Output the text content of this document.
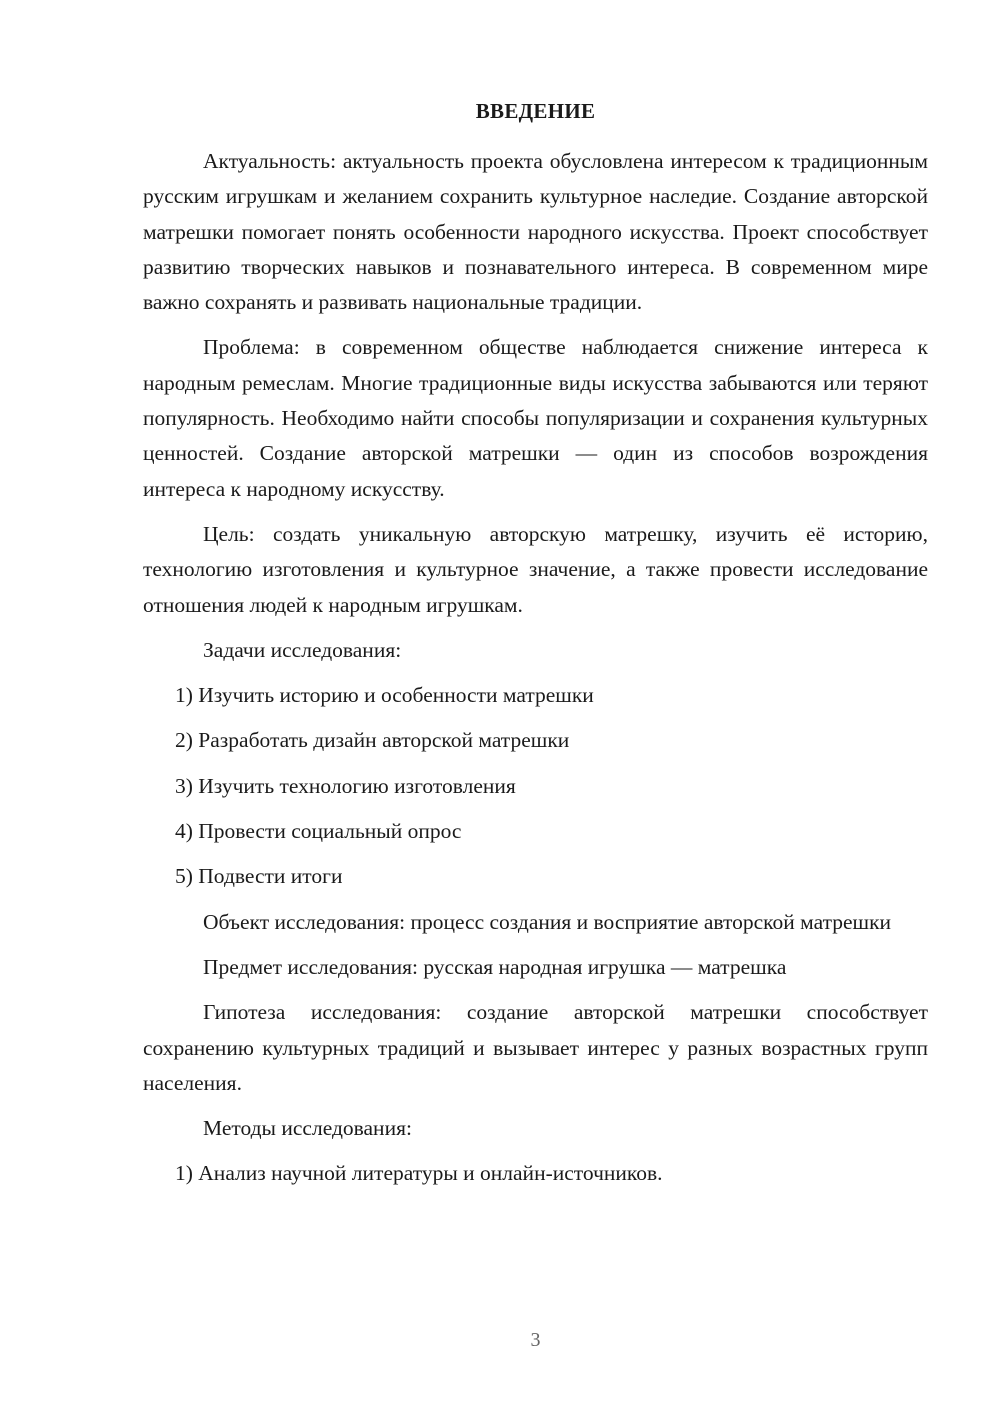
ВВЕДЕНИЕ

Актуальность: актуальность проекта обусловлена интересом к традиционным русским игрушкам и желанием сохранить культурное наследие. Создание авторской матрешки помогает понять особенности народного искусства. Проект способствует развитию творческих навыков и познавательного интереса. В современном мире важно сохранять и развивать национальные традиции.

Проблема: в современном обществе наблюдается снижение интереса к народным ремеслам. Многие традиционные виды искусства забываются или теряют популярность. Необходимо найти способы популяризации и сохранения культурных ценностей. Создание авторской матрешки — один из способов возрождения интереса к народному искусству.

Цель: создать уникальную авторскую матрешку, изучить её историю, технологию изготовления и культурное значение, а также провести исследование отношения людей к народным игрушкам.

Задачи исследования:

1) Изучить историю и особенности матрешки

2) Разработать дизайн авторской матрешки

3) Изучить технологию изготовления

4) Провести социальный опрос

5) Подвести итоги

Объект исследования: процесс создания и восприятие авторской матрешки

Предмет исследования: русская народная игрушка — матрешка

Гипотеза исследования: создание авторской матрешки способствует сохранению культурных традиций и вызывает интерес у разных возрастных групп населения.

Методы исследования:

1) Анализ научной литературы и онлайн-источников.

3
